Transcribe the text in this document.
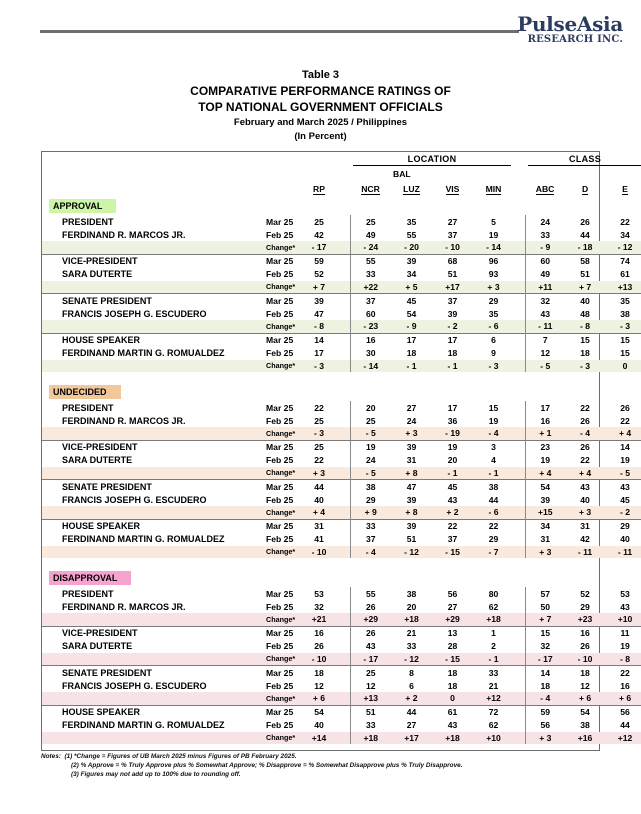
PulseAsia
RESEARCH INC.
Table 3
COMPARATIVE PERFORMANCE RATINGS OF
TOP NATIONAL GOVERNMENT OFFICIALS
February and March 2025 / Philippines
(In Percent)

				LOCATION					CLASS		

					BAL						
		RP		NCR	LUZ	VIS	MIN		ABC	D	E
APPROVAL											
PRESIDENT	Mar 25	25		25	35	27	5		24	26	22
FERDINAND R. MARCOS JR.	Feb 25	42		49	55	37	19		33	44	34
	Change*	- 17		- 24	- 20	- 10	- 14		- 9	- 18	- 12
VICE-PRESIDENT	Mar 25	59		55	39	68	96		60	58	74
SARA DUTERTE	Feb 25	52		33	34	51	93		49	51	61
	Change*	+ 7		+22	+ 5	+17	+ 3		+11	+ 7	+13
SENATE PRESIDENT	Mar 25	39		37	45	37	29		32	40	35
FRANCIS JOSEPH G. ESCUDERO	Feb 25	47		60	54	39	35		43	48	38
	Change*	- 8		- 23	- 9	- 2	- 6		- 11	- 8	- 3
HOUSE SPEAKER	Mar 25	14		16	17	17	6		7	15	15
FERDINAND MARTIN G. ROMUALDEZ	Feb 25	17		30	18	18	9		12	18	15
	Change*	- 3		- 14	- 1	- 1	- 3		- 5	- 3	0

UNDECIDED											
PRESIDENT	Mar 25	22		20	27	17	15		17	22	26
FERDINAND R. MARCOS JR.	Feb 25	25		25	24	36	19		16	26	22
	Change*	- 3		- 5	+ 3	- 19	- 4		+ 1	- 4	+ 4
VICE-PRESIDENT	Mar 25	25		19	39	19	3		23	26	14
SARA DUTERTE	Feb 25	22		24	31	20	4		19	22	19
	Change*	+ 3		- 5	+ 8	- 1	- 1		+ 4	+ 4	- 5
SENATE PRESIDENT	Mar 25	44		38	47	45	38		54	43	43
FRANCIS JOSEPH G. ESCUDERO	Feb 25	40		29	39	43	44		39	40	45
	Change*	+ 4		+ 9	+ 8	+ 2	- 6		+15	+ 3	- 2
HOUSE SPEAKER	Mar 25	31		33	39	22	22		34	31	29
FERDINAND MARTIN G. ROMUALDEZ	Feb 25	41		37	51	37	29		31	42	40
	Change*	- 10		- 4	- 12	- 15	- 7		+ 3	- 11	- 11

DISAPPROVAL											
PRESIDENT	Mar 25	53		55	38	56	80		57	52	53
FERDINAND R. MARCOS JR.	Feb 25	32		26	20	27	62		50	29	43
	Change*	+21		+29	+18	+29	+18		+ 7	+23	+10
VICE-PRESIDENT	Mar 25	16		26	21	13	1		15	16	11
SARA DUTERTE	Feb 25	26		43	33	28	2		32	26	19
	Change*	- 10		- 17	- 12	- 15	- 1		- 17	- 10	- 8
SENATE PRESIDENT	Mar 25	18		25	8	18	33		14	18	22
FRANCIS JOSEPH G. ESCUDERO	Feb 25	12		12	6	18	21		18	12	16
	Change*	+ 6		+13	+ 2	0	+12		- 4	+ 6	+ 6
HOUSE SPEAKER	Mar 25	54		51	44	61	72		59	54	56
FERDINAND MARTIN G. ROMUALDEZ	Feb 25	40		33	27	43	62		56	38	44
	Change*	+14		+18	+17	+18	+10		+ 3	+16	+12

Notes: (1) *Change = Figures of UB March 2025 minus Figures of PB February 2025.
(2) % Approve = % Truly Approve plus % Somewhat Approve; % Disapprove = % Somewhat Disapprove plus % Truly Disapprove.
(3) Figures may not add up to 100% due to rounding off.
